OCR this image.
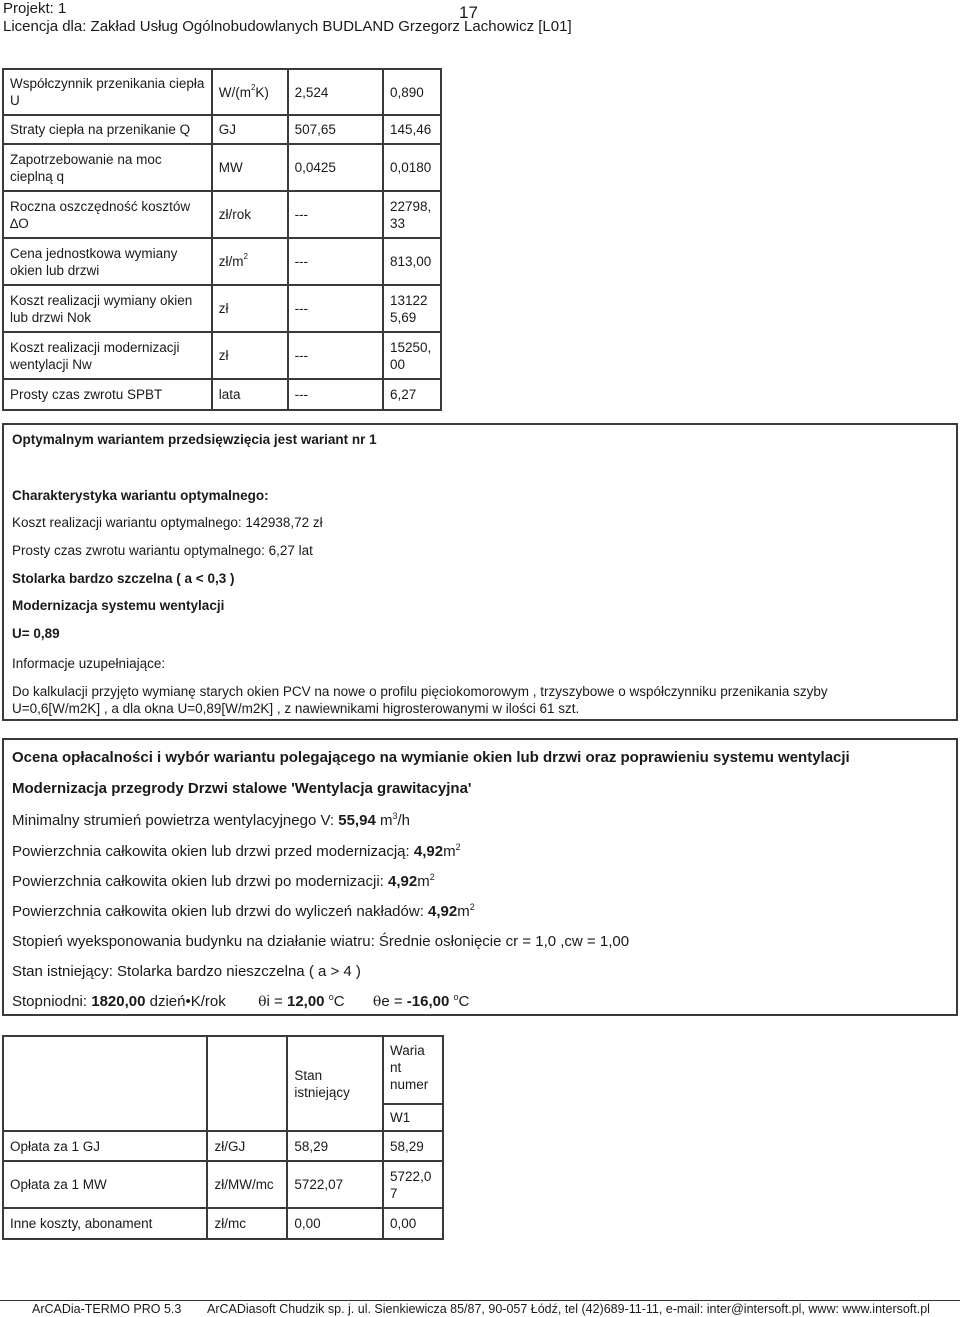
Projekt: 1	17
Licencja dla: Zakład Usług Ogólnobudowlanych BUDLAND Grzegorz Lachowicz [L01]
Współczynnik przenikania ciepła U	$W/(m^2K)$	2,524	0,890
Straty ciepła na przenikanie Q	GJ	507,65	145,46
Zapotrzebowanie na moc cieplną q	MW	0,0425	0,0180
Roczna oszczędność kosztów
∆O	zł/rok	---	22798, 33
Cena jednostkowa wymiany okien lub drzwi	$zł/m^2$	---	813,00
Koszt realizacji wymiany okien lub drzwi Nok	zł	---	13122 5,69
Koszt realizacji modernizacji wentylacji Nw	zł	---	15250, 00
Prosty czas zwrotu SPBT	lata	---	6,27
Optymalnym wariantem przedsięwzięcia jest wariant nr 1
Charakterystyka wariantu optymalnego:
Koszt realizacji wariantu optymalnego: 142938,72 zł
Prosty czas zwrotu wariantu optymalnego: 6,27 lat
Stolarka bardzo szczelna ( a < 0,3 )
Modernizacja systemu wentylacji
U= 0,89
Informacje uzupełniające:
Do kalkulacji przyjęto wymianę starych okien PCV na nowe o profilu pięciokomorowym , trzyszybowe o współczynniku przenikania szyby
U=0,6[W/m2K] , a dla okna U=0,89[W/m2K] , z nawiewnikami higrosterowanymi w ilości 61 szt.
Ocena opłacalności i wybór wariantu polegającego na wymianie okien lub drzwi oraz poprawieniu systemu wentylacji
Modernizacja przegrody Drzwi stalowe 'Wentylacja grawitacyjna'
Minimalny strumień powietrza wentylacyjnego V: 55,94 $m^3/h$
Powierzchnia całkowita okien lub drzwi przed modernizacją: $4,92m^2$
Powierzchnia całkowita okien lub drzwi po modernizacji: $4,92m^2$
Powierzchnia całkowita okien lub drzwi do wyliczeń nakładów: $4,92m^2$
Stopień wyeksponowania budynku na działanie wiatru: Średnie osłonięcie cr = 1,0 ,cw = 1,00
Stan istniejący: Stolarka bardzo nieszczelna ( a > 4 )
Stopniodni: 1820,00 dzień•K/rok θi = 12,00 $^o$C θe = -16,00 $^o$C
		Stan istniejący	Waria nt numer
W1

Opłata za 1 GJ	zł/GJ	58,29	58,29
Opłata za 1 MW	zł/MW/mc	5722,07	5722,0 7
Inne koszty, abonament	zł/mc	0,00	0,00
ArCADia-TERMO PRO 5.3 ArCADiasoft Chudzik sp. j. ul. Sienkiewicza 85/87, 90-057 Łódź, tel (42)689-11-11, e-mail: inter@intersoft.pl, www: www.intersoft.pl
